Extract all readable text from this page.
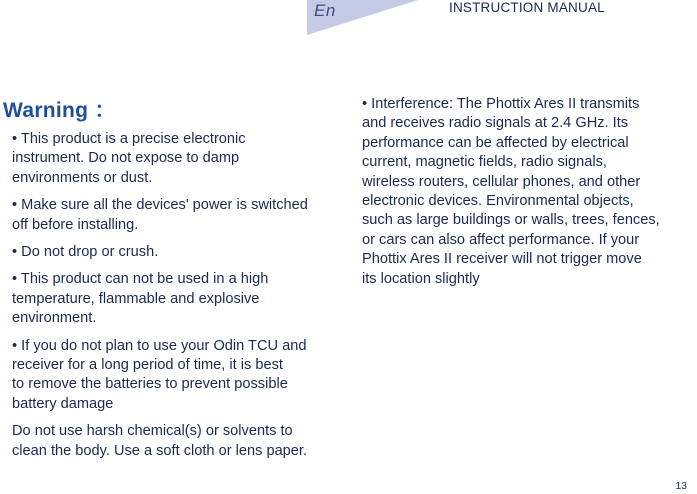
En	INSTRUCTION MANUAL
Warning ：

• This product is a precise electronic
instrument. Do not expose to damp
environments or dust.

• Make sure all the devices' power is switched
off before installing.

• Do not drop or crush.

• This product can not be used in a high
temperature, flammable and explosive
environment.

• If you do not plan to use your Odin TCU and
receiver for a long period of time, it is best
to remove the batteries to prevent possible
battery damage

Do not use harsh chemical(s) or solvents to
clean the body. Use a soft cloth or lens paper.

• Interference: The Phottix Ares II transmits
and receives radio signals at 2.4 GHz. Its
performance can be affected by electrical
current, magnetic fields, radio signals,
wireless routers, cellular phones, and other
electronic devices. Environmental objects,
such as large buildings or walls, trees, fences,
or cars can also affect performance. If your
Phottix Ares II receiver will not trigger move
its location slightly

13
